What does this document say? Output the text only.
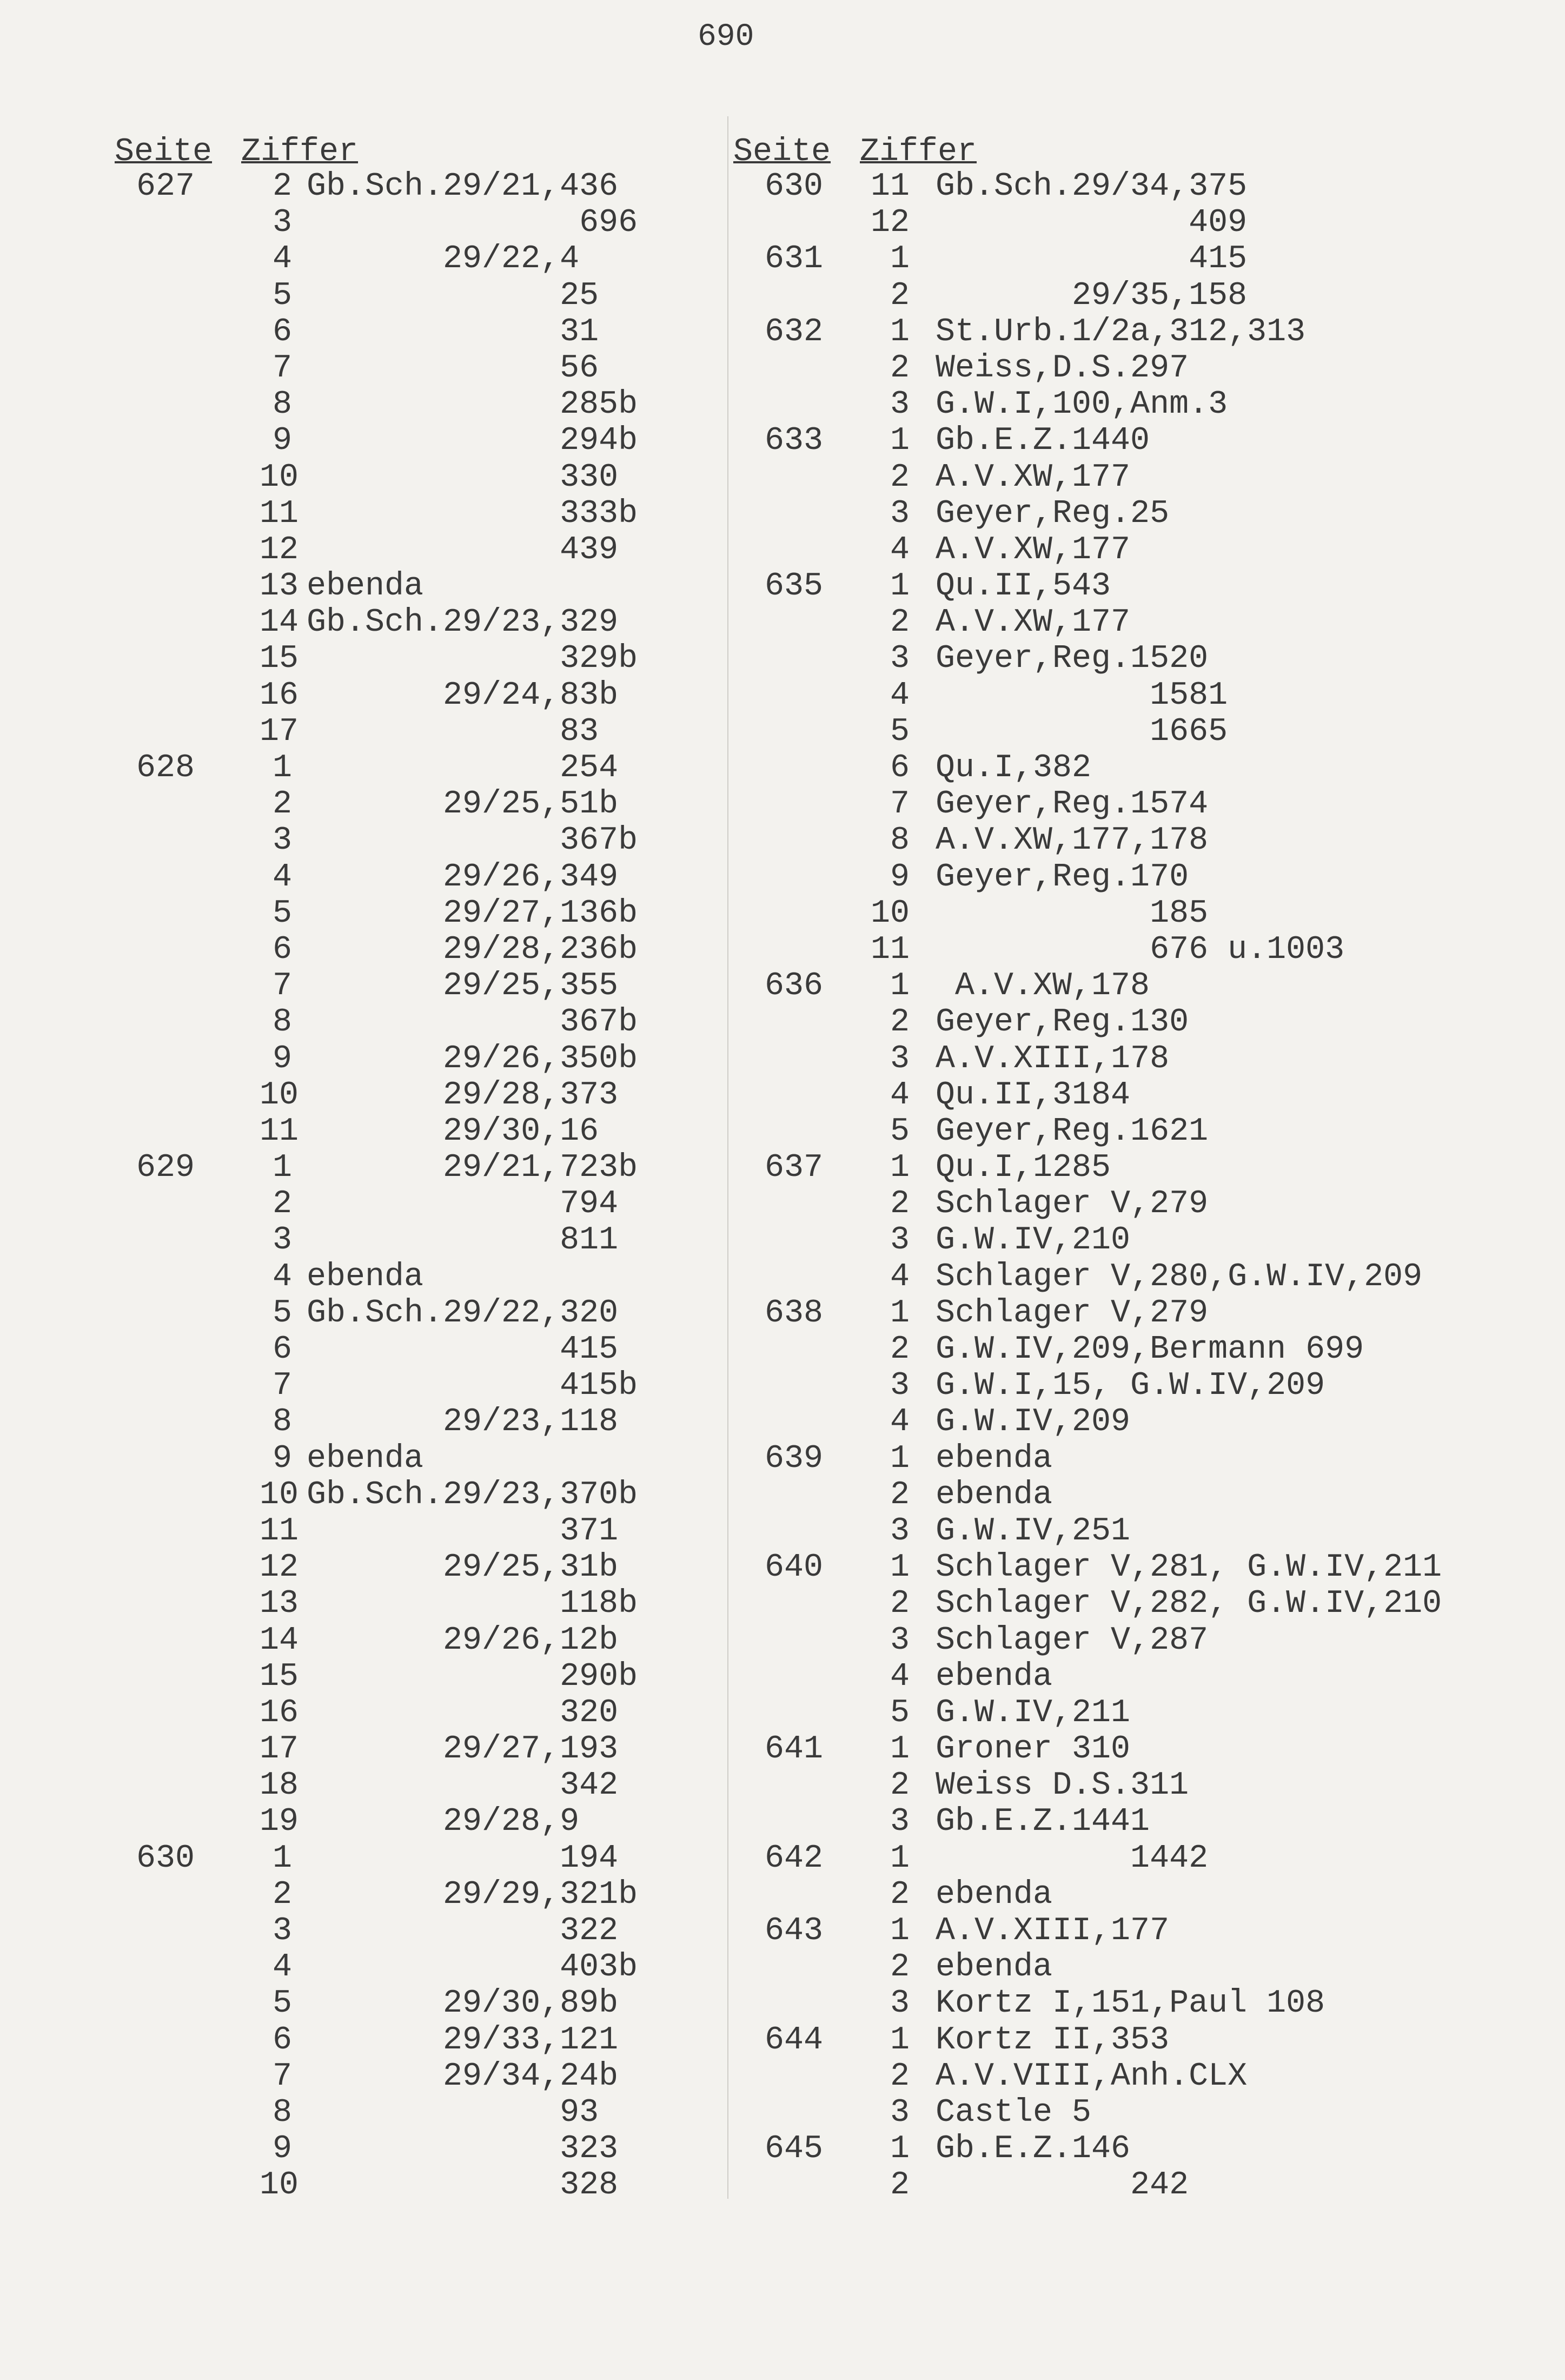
690
Seite Ziffer	Seite Ziffer
627	2 Gb.Sch.29/21,436
3 696
4 29/22,4
5 25
6 31
7 56
8 285b
9 294b
10 330
11 333b
12 439
13 ebenda
14 Gb.Sch.29/23,329
15 329b
16 29/24,83b
17 83
628	1 254
2 29/25,51b
3 367b
4 29/26,349
5 29/27,136b
6 29/28,236b
7 29/25,355
8 367b
9 29/26,350b
10 29/28,373
11 29/30,16
629	1 29/21,723b
2 794
3 811
4 ebenda
5 Gb.Sch.29/22,320
6 415
7 415b
8 29/23,118
9 ebenda
10 Gb.Sch.29/23,370b
11 371
12 29/25,31b
13 118b
14 29/26,12b
15 290b
16 320
17 29/27,193
18 342
19 29/28,9
630	1 194
2 29/29,321b
3 322
4 403b
5 29/30,89b
6 29/33,121
7 29/34,24b
8 93
9 323
10 328
630 11 Gb.Sch.29/34,375
12 409
631	1 415
2 29/35,158
632	1 St.Urb.1/2a,312,313
2 Weiss,D.S.297
3 G.W.I,100,Anm.3
633	1 Gb.E.Z.1440
2 A.V.XW,177
3 Geyer,Reg.25
4 A.V.XW,177
635	1 Qu.II,543
2 A.V.XW,177
3 Geyer,Reg.1520
4 1581
5 1665
6 Qu.I,382
7 Geyer,Reg.1574
8 A.V.XW,177,178
9 Geyer,Reg.170
10 185
11 676 u.1003
636	1 A.V.XW,178
2 Geyer,Reg.130
3 A.V.XIII,178
4 Qu.II,3184
5 Geyer,Reg.1621
637	1 Qu.I,1285
2 Schlager V,279
3 G.W.IV,210
4 Schlager V,280,G.W.IV,209
638	1 Schlager V,279
2 G.W.IV,209,Bermann 699
3 G.W.I,15, G.W.IV,209
4 G.W.IV,209
639	1 ebenda
2 ebenda
3 G.W.IV,251
640	1 Schlager V,281, G.W.IV,211
2 Schlager V,282, G.W.IV,210
3 Schlager V,287
4 ebenda
5 G.W.IV,211
641	1 Groner 310
2 Weiss D.S.311
3 Gb.E.Z.1441
642	1 1442
2 ebenda
643	1 A.V.XIII,177
2 ebenda
3 Kortz I,151,Paul 108
644	1 Kortz II,353
2 A.V.VIII,Anh.CLX
3 Castle 5
645	1 Gb.E.Z.146
2 242
